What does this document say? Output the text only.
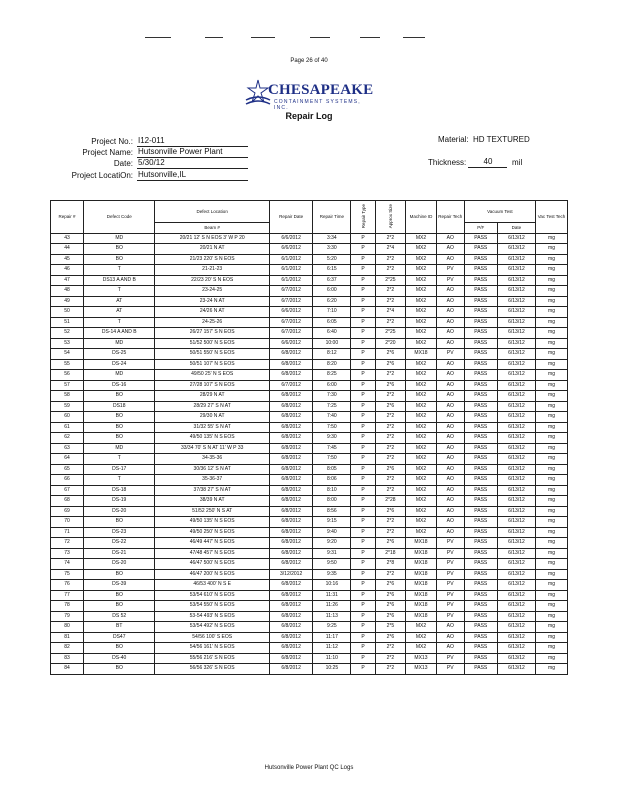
Page 26 of 40
CHESAPEAKE
CONTAINMENT SYSTEMS, INC.
Repair Log
Project No.: I12-011
Project Name: Hutsonville Power Plant
Date: 5/30/12
Project LocatiOn: Hutsonville,IL
Material: HD TEXTURED
Thickness:	40	mil
Repair #	Defect Code	Defect Location	Repair Date	Repair Time	Repair Type	Approx Size	Machine ID	Repair Tech	Vacuum Test		Vac Test Tech
		Beam #							P/F	Date	
43	MD	20/21 12' S N EOS 3' W P 20	6/6/2012	3:34	P	2*2	MX2	AO	PASS	6/13/12	mg
44	BO	20/21 N AT	6/6/2012	3:30	P	2*4	MX2	AO	PASS	6/13/12	mg
45	BO	21/23 220' S N EOS	6/1/2012	5:20	P	2*2	MX2	AO	PASS	6/13/12	mg
46	T	21-21-23	6/1/2012	6:15	P	2*2	MX2	PV	PASS	6/13/12	mg
47	DS13 A AND B	22/23 20' S N EOS	6/1/2012	6:37	P	2*25	MX2	PV	PASS	6/13/12	mg
48	T	23-24-25	6/7/2012	6:00	P	2*2	MX2	AO	PASS	6/13/12	mg
49	AT	23-24 N AT	6/7/2012	6:20	P	2*2	MX2	AO	PASS	6/13/12	mg
50	AT	24/26 N AT	6/6/2012	7:10	P	2*4	MX2	AO	PASS	6/13/12	mg
51	T	24-25-26	6/7/2012	6:05	P	2*2	MX2	AO	PASS	6/13/12	mg
52	DS-14 A AND B	26/27 157' S N EOS	6/7/2012	6:40	P	2*25	MX2	AO	PASS	6/13/12	mg
53	MD	51/52 500' N S EOS	6/6/2012	10:00	P	2*20	MX2	AO	PASS	6/13/12	mg
54	DS-25	50/51 550' N S EOS	6/8/2012	8:12	P	2*6	MX18	PV	PASS	6/13/12	mg
55	DS-24	50/51 107' N S EOS	6/8/2012	8:20	P	2*6	MX2	AO	PASS	6/13/12	mg
56	MD	49/50 25' N S EOS	6/8/2012	8:25	P	2*2	MX2	AO	PASS	6/13/12	mg
57	DS-16	27/28 107' S N EOS	6/7/2012	6:00	P	2*6	MX2	AO	PASS	6/13/12	mg
58	BO	28/29 N AT	6/8/2012	7:30	P	2*2	MX2	AO	PASS	6/13/12	mg
59	DS18	28/29 27' S N AT	6/8/2012	7:25	P	2*6	MX2	AO	PASS	6/13/12	mg
60	BO	29/30 N AT	6/8/2012	7:40	P	2*2	MX2	AO	PASS	6/13/12	mg
61	BO	31/32 55' S N AT	6/8/2012	7:50	P	2*2	MX2	AO	PASS	6/13/12	mg
62	BO	49/50 135' N S EOS	6/8/2012	9:30	P	2*2	MX2	AO	PASS	6/13/12	mg
63	MD	33/34 70' S N AT 11' W P 33	6/8/2012	7:45	P	2*2	MX2	AO	PASS	6/13/12	mg
64	T	34-35-36	6/8/2012	7:50	P	2*2	MX2	AO	PASS	6/13/12	mg
65	DS-17	30/36 12' S N AT	6/8/2012	8:05	P	2*6	MX2	AO	PASS	6/13/12	mg
66	T	35-36-37	6/8/2012	8:06	P	2*2	MX2	AO	PASS	6/13/12	mg
67	DS-18	37/38 27' S N AT	6/8/2012	8:10	P	2*2	MX2	AO	PASS	6/13/12	mg
68	DS-19	38/39 N AT	6/8/2012	8:00	P	2*28	MX2	AO	PASS	6/13/12	mg
69	DS-20	51/52 250' N S AT	6/8/2012	8:56	P	2*6	MX2	AO	PASS	6/13/12	mg
70	BO	49/50 135' N S EOS	6/8/2012	9:15	P	2*2	MX2	AO	PASS	6/13/12	mg
71	DS-23	49/50 250' N S EOS	6/8/2012	9:40	P	2*2	MX2	AO	PASS	6/13/12	mg
72	DS-22	46/49 447' N S EOS	6/8/2012	9:20	P	2*6	MX18	PV	PASS	6/13/12	mg
73	DS-21	47/48 457' N S EOS	6/8/2012	9:31	P	2*18	MX18	PV	PASS	6/13/12	mg
74	DS-20	46/47 500' N S EOS	6/8/2012	9:50	P	2*8	MX18	PV	PASS	6/13/12	mg
75	BO	46/47 200' N S EOS	3/12/2012	9:35	P	2*2	MX18	PV	PASS	6/13/12	mg
76	DS-39	46/53 400' N S E	6/8/2012	10:16	P	2*6	MX18	PV	PASS	6/13/12	mg
77	BO	53/54 610' N S EOS	6/8/2012	11:31	P	2*6	MX18	PV	PASS	6/13/12	mg
78	BO	53/54 550' N S EOS	6/8/2012	11:26	P	2*6	MX18	PV	PASS	6/13/12	mg
79	DS 52	53-54 493' N S EOS	6/8/2012	11:13	P	2*6	MX18	PV	PASS	6/13/12	mg
80	BT	53/54 492' N S EOS	6/8/2012	9:25	P	2*5	MX2	AO	PASS	6/13/12	mg
81	DS47	54/56 100' S EOS	6/8/2012	11:17	P	2*6	MX2	AO	PASS	6/13/12	mg
82	BO	54/56 161' N S EOS	6/8/2012	11:12	P	2*2	MX2	AO	PASS	6/13/12	mg
83	DS-40	55/56 216' S N EOS	6/8/2012	11:10	P	2*2	MX13	PV	PASS	6/13/12	mg
84	BO	56/56 326' S N EOS	6/8/2012	10:25	P	2*2	MX13	PV	PASS	6/13/12	mg
Hutsonville Power Plant QC Logs
